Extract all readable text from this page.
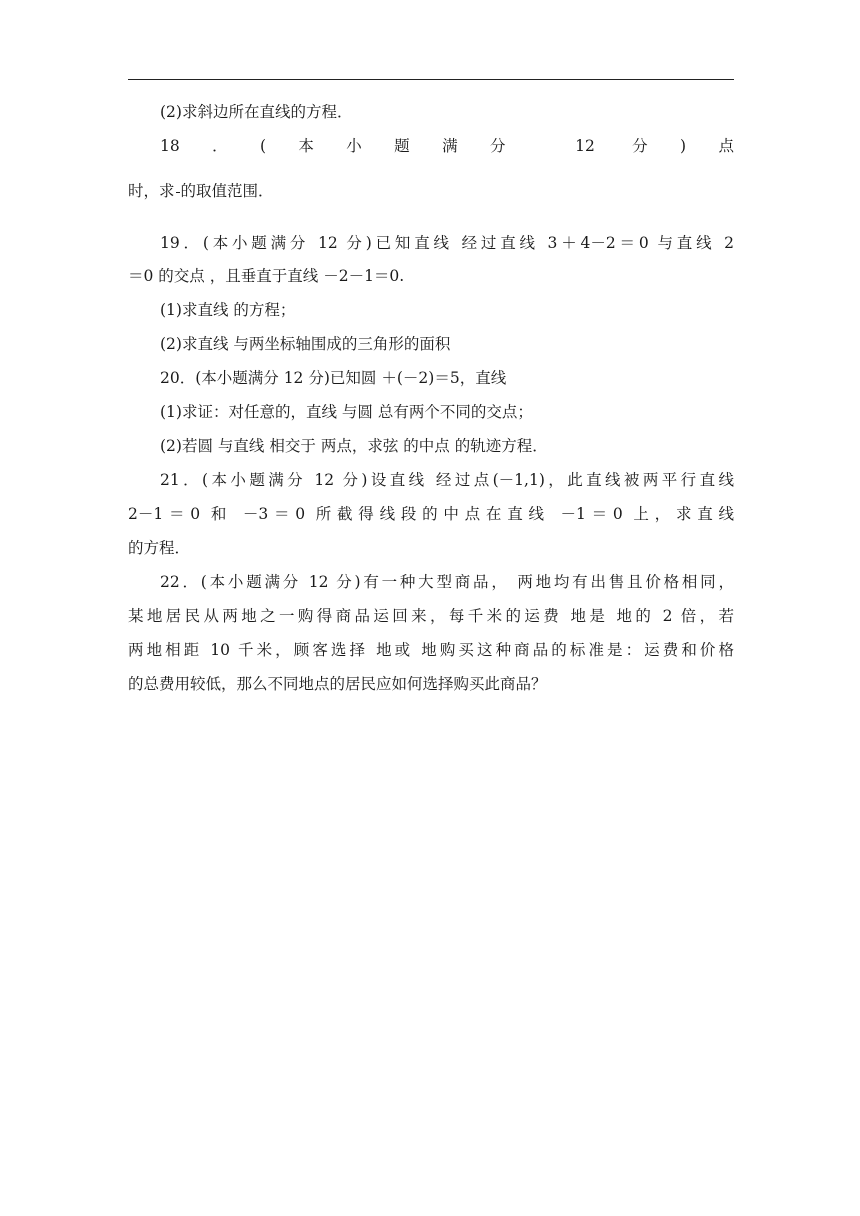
(2)求斜边所在直线的方程．
18．(本小题满分 12 分)点
时，求 的取值范围．
19．(本小题满分 12 分)已知直线 经过直线 3＋4－2＝0 与直线 2
＝0 的交点 ，且垂直于直线 －2－1＝0.
(1)求直线 的方程；
(2)求直线 与两坐标轴围成的三角形的面积
20．(本小题满分 12 分)已知圆 ＋(－2)＝5，直线
(1)求证：对任意的，直线 与圆 总有两个不同的交点；
(2)若圆 与直线 相交于 两点，求弦 的中点 的轨迹方程．
21．(本小题满分 12 分)设直线 经过点(－1,1)，此直线被两平行直线
2－1＝0 和 －3＝0 所截得线段的中点在直线 －1＝0 上，求直线
的方程．
22．(本小题满分 12 分)有一种大型商品， 两地均有出售且价格相同，
某地居民从两地之一购得商品运回来，每千米的运费 地是 地的 2 倍，若
两地相距 10 千米，顾客选择 地或 地购买这种商品的标准是：运费和价格
的总费用较低，那么不同地点的居民应如何选择购买此商品？
